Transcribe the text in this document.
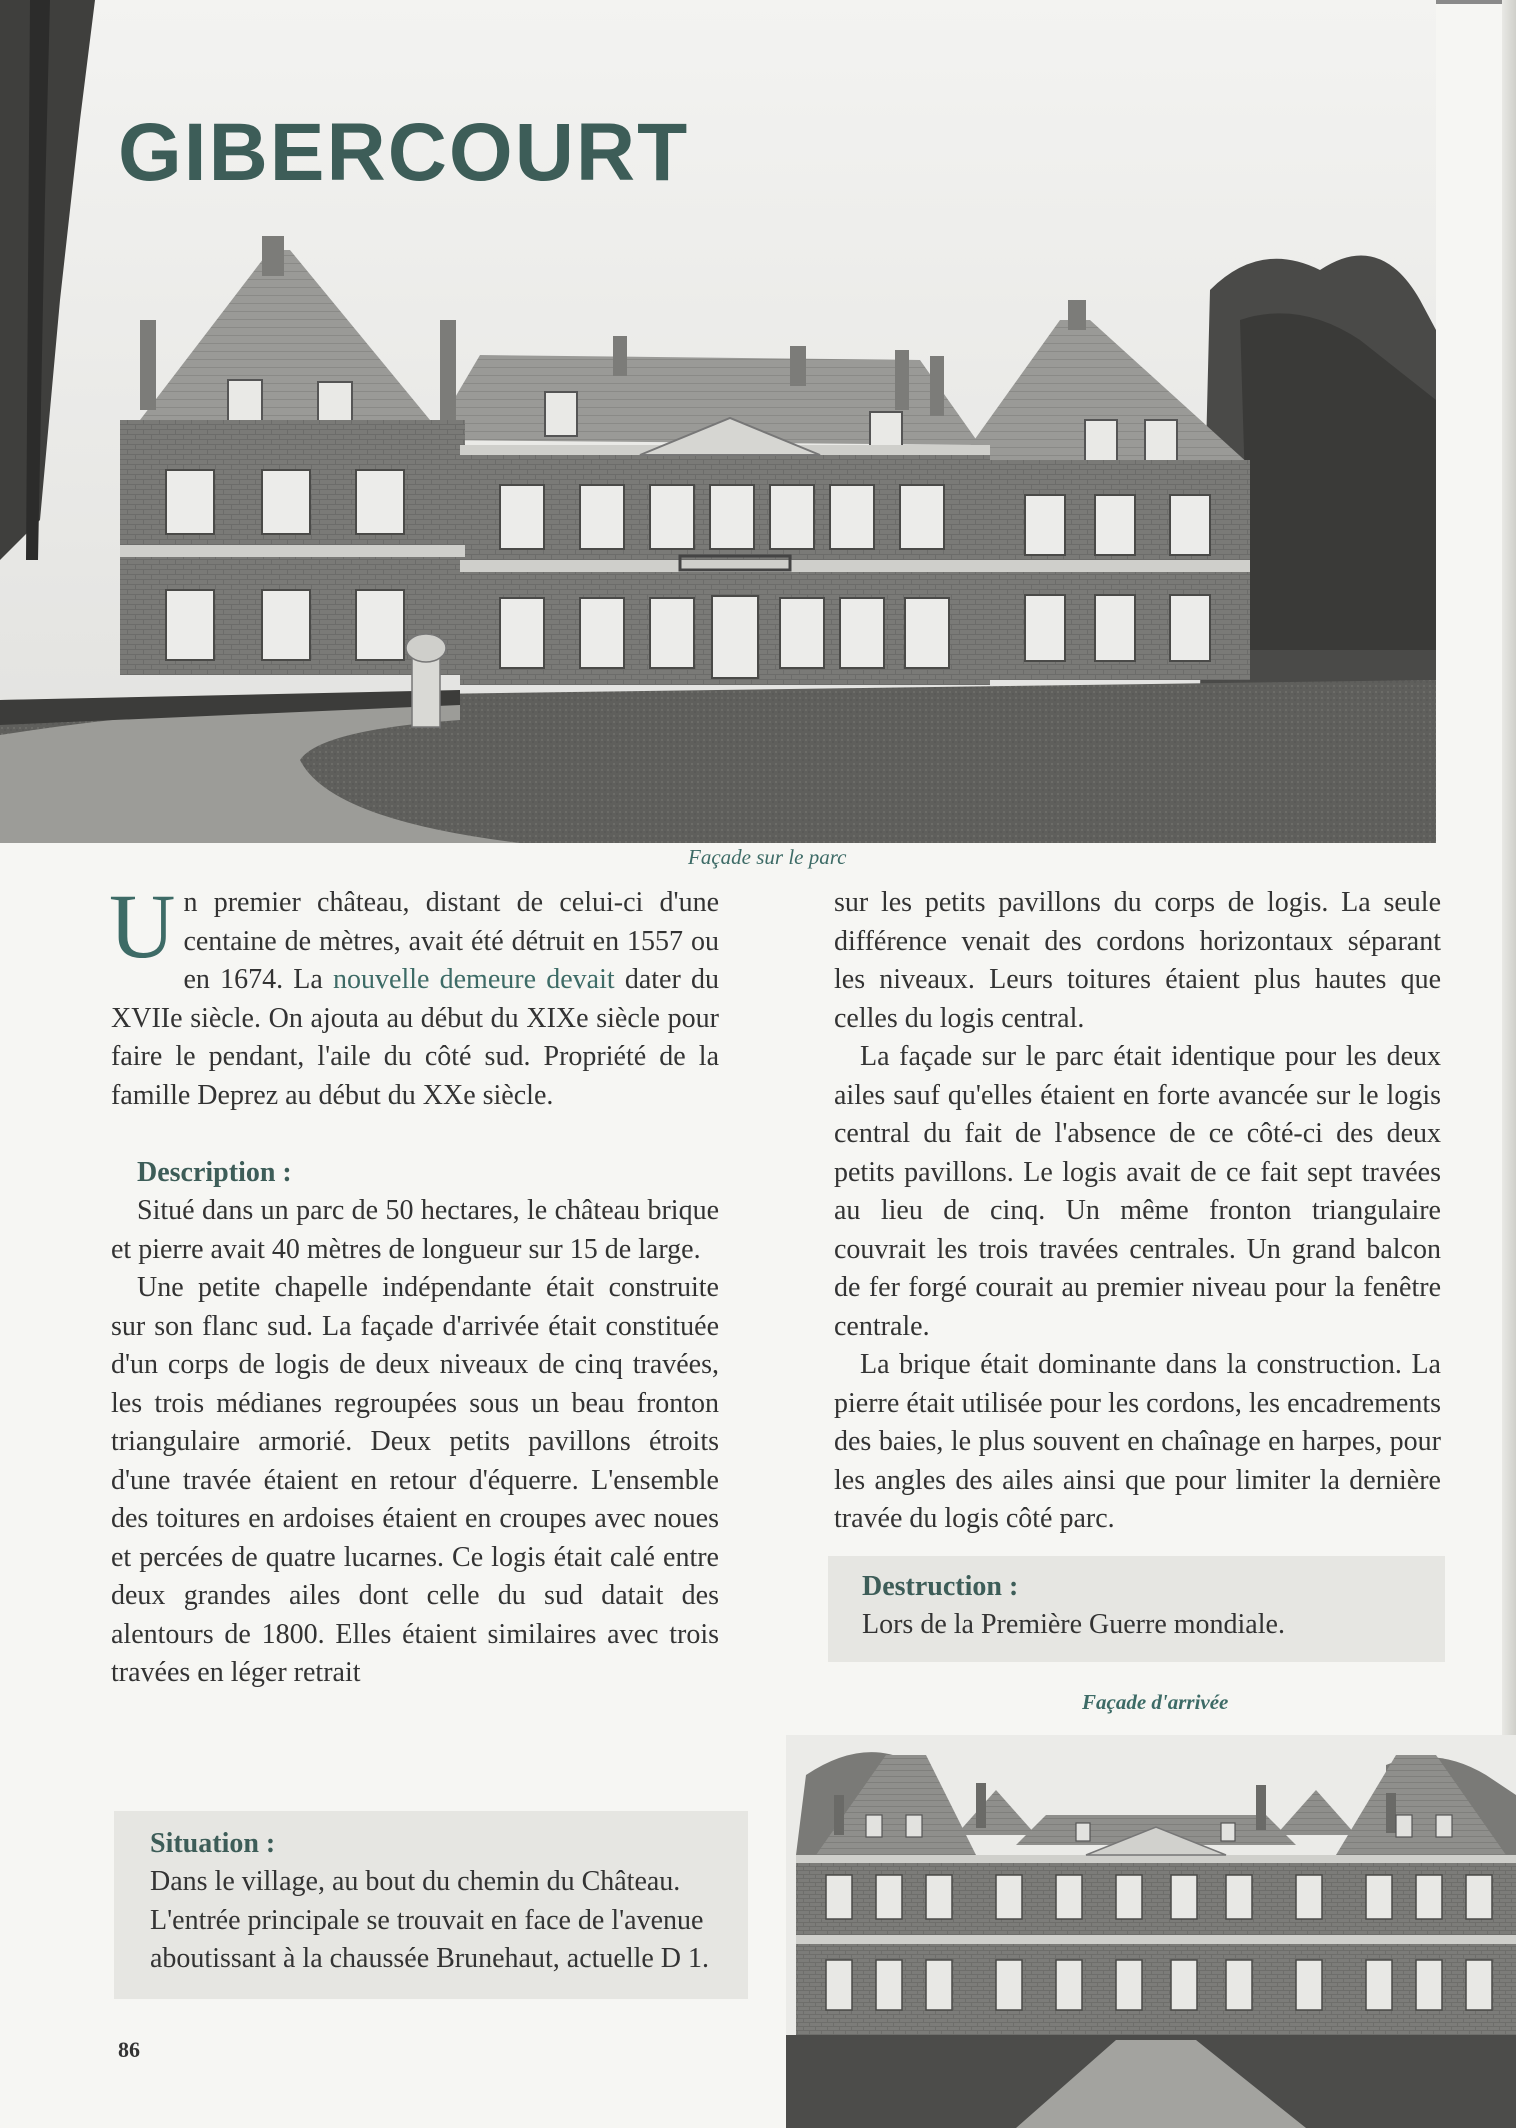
GIBERCOURT

Façade sur le parc

Un premier château, distant de celui-ci d'une centaine de mètres, avait été détruit en 1557 ou en 1674. La nouvelle demeure devait dater du XVIIe siècle. On ajouta au début du XIXe siècle pour faire le pendant, l'aile du côté sud. Propriété de la famille Deprez au début du XXe siècle.

Description :

Situé dans un parc de 50 hectares, le château brique et pierre avait 40 mètres de longueur sur 15 de large.

Une petite chapelle indépendante était construite sur son flanc sud. La façade d'arrivée était constituée d'un corps de logis de deux niveaux de cinq travées, les trois médianes regroupées sous un beau fronton triangulaire armorié. Deux petits pavillons étroits d'une travée étaient en retour d'équerre. L'ensemble des toitures en ardoises étaient en croupes avec noues et percées de quatre lucarnes. Ce logis était calé entre deux grandes ailes dont celle du sud datait des alentours de 1800. Elles étaient similaires avec trois travées en léger retrait

sur les petits pavillons du corps de logis. La seule différence venait des cordons horizontaux séparant les niveaux. Leurs toitures étaient plus hautes que celles du logis central.

La façade sur le parc était identique pour les deux ailes sauf qu'elles étaient en forte avancée sur le logis central du fait de l'absence de ce côté-ci des deux petits pavillons. Le logis avait de ce fait sept travées au lieu de cinq. Un même fronton triangulaire couvrait les trois travées centrales. Un grand balcon de fer forgé courait au premier niveau pour la fenêtre centrale.

La brique était dominante dans la construction. La pierre était utilisée pour les cordons, les encadrements des baies, le plus souvent en chaînage en harpes, pour les angles des ailes ainsi que pour limiter la dernière travée du logis côté parc.

Destruction :

Lors de la Première Guerre mondiale.

Façade d'arrivée

Situation :

Dans le village, au bout du chemin du Château. L'entrée principale se trouvait en face de l'avenue aboutissant à la chaussée Brunehaut, actuelle D 1.

86
